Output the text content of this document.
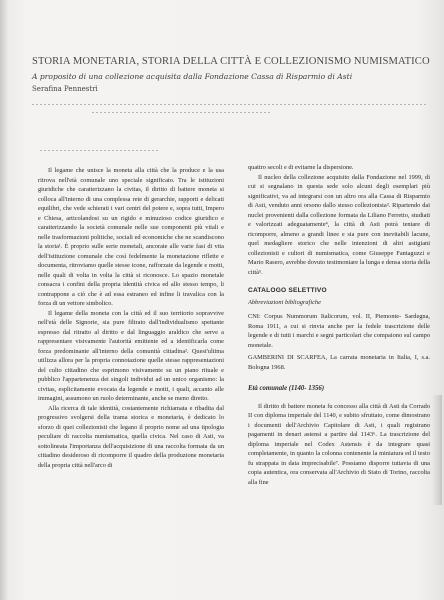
STORIA MONETARIA, STORIA DELLA CITTÀ E COLLEZIONISMO NUMISMATICO
A proposito di una collezione acquisita dalla Fondazione Cassa di Risparmio di Asti
Serafina Pennestrì

Il legame che unisce la moneta alla città che la produce e la usa ritrova nell'età comunale uno speciale significato. Tra le istituzioni giuridiche che caratterizzano la civitas, il diritto di battere moneta si colloca all'interno di una complessa rete di gerarchie, rapporti e delicati equilibri, che vede schierati i vari centri del potere e, sopra tutti, Impero e Chiesa, articolandosi su un rigido e minuzioso codice giuridico e caratterizzando la società comunale nelle sue componenti più vitali e nelle trasformazioni politiche, sociali ed economiche che ne scandiscono la storia¹. È proprio sulle serie monetali, ancorate alle varie fasi di vita dell'istituzione comunale che così fedelmente la monetazione riflette e documenta, ritroviamo quelle stesse icone, rafforzate da legende e motti, nelle quali di volta in volta la città si riconosce. Lo spazio monetale consacra i confini della propria identità civica ed allo stesso tempo, li contrappone a ciò che è ad essa estraneo ed infine li travalica con la forza di un vettore simbolico.

Il legame della moneta con la città ed il suo territorio sopravvive nell'età delle Signorie, sia pure filtrato dall'individualismo spettante espresso dal ritratto al diritto e dal linguaggio araldico che serve a rappresentare visivamente l'autorità emittente ed a identificarla come forza predominante all'interno della comunità cittadina². Quest'ultima utilizza allora per la propria connotazione quelle stesse rappresentazioni del culto cittadino che esprimono visivamente su un piano rituale e pubblico l'appartenenza dei singoli individui ad un unico organismo: la civitas, esplicitamente evocata da legende e motti, i quali, accanto alle immagini, assumono un ruolo determinante, anche se meno diretto.

Alla ricerca di tale identità, costantemente richiamata e ribadita dal progressivo svolgersi della trama storica e monetaria, è dedicato lo sforzo di quei collezionisti che legano il proprio nome ad una tipologia peculiare di raccolta numismatica, quella civica. Nel caso di Asti, va sottolineata l'importanza dell'acquisizione di una raccolta formata da un cittadino desideroso di ricomporre il quadro della produzione monetaria della propria città nell'arco di

quattro secoli e di evitarne la dispersione.

Il nucleo della collezione acquisito dalla Fondazione nel 1999, di cui si segnalano in questa sede solo alcuni degli esemplari più significativi, va ad integrarsi con un altro ora alla Cassa di Risparmio di Asti, venduto anni orsono dallo stesso collezionista³. Ripartendo dai nuclei provenienti dalla collezione formata da Liliano Ferretto, studiati e valorizzati adeguatamente⁴, la città di Asti potrà tentare di ricomporre, almeno a grandi linee e sia pure con inevitabili lacune, quel medagliere storico che nelle intenzioni di altri astigiani collezionisti e cultori di numismatica, come Giuseppe Fantaguzzi e Mario Rasero, avrebbe dovuto testimoniare la lunga e densa storia della città⁵.

CATALOGO SELETTIVO

Abbreviazioni bibliografiche

CNI: Corpus Nummorum Italicorum, vol. II, Piemonte- Sardegna, Roma 1911, a cui si rinvia anche per la fedele trascrizione delle legende e di tutti i marchi e segni particolari che compaiono sul campo monetale.

GAMBERINI DI SCARFEA, La carrata monetaria in Italia, I, s.a. Bologna 1968.

Età comunale (1140- 1356)

Il diritto di battere moneta fu concesso alla città di Asti da Corrado II con diploma imperiale del 1140, e subito sfruttato, come dimostrano i documenti dell'Archivio Capitolare di Asti, i quali registrano pagamenti in denari astensi a partire dal 1143⁶. La trascrizione del diploma imperiale nel Codex Astensis è da integrare quasi completamente, in quanto la colonna contenente la miniatura ed il testo fu strappata in data imprecisabile⁷. Possiamo disporre tuttavia di una copia autentica, ora conservata all'Archivio di Stato di Torino, raccolta alla fine
